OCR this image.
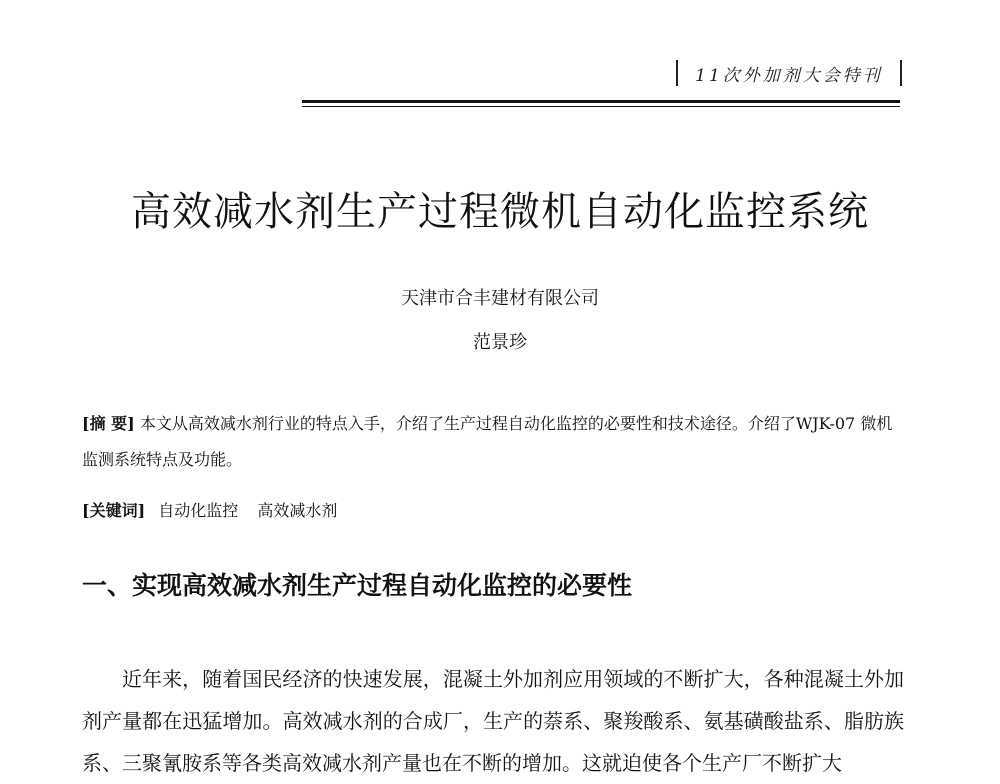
11次外加剂大会特刊
高效减水剂生产过程微机自动化监控系统
天津市合丰建材有限公司
范景珍
[摘 要] 本文从高效减水剂行业的特点入手，介绍了生产过程自动化监控的必要性和技术途径。介绍了WJK-07 微机监测系统特点及功能。
[关键词] 自动化监控 高效减水剂
一、实现高效减水剂生产过程自动化监控的必要性

近年来，随着国民经济的快速发展，混凝土外加剂应用领域的不断扩大，各种混凝土外加剂产量都在迅猛增加。高效减水剂的合成厂，生产的萘系、聚羧酸系、氨基磺酸盐系、脂肪族系、三聚氰胺系等各类高效减水剂产量也在不断的增加。这就迫使各个生产厂不断扩大
